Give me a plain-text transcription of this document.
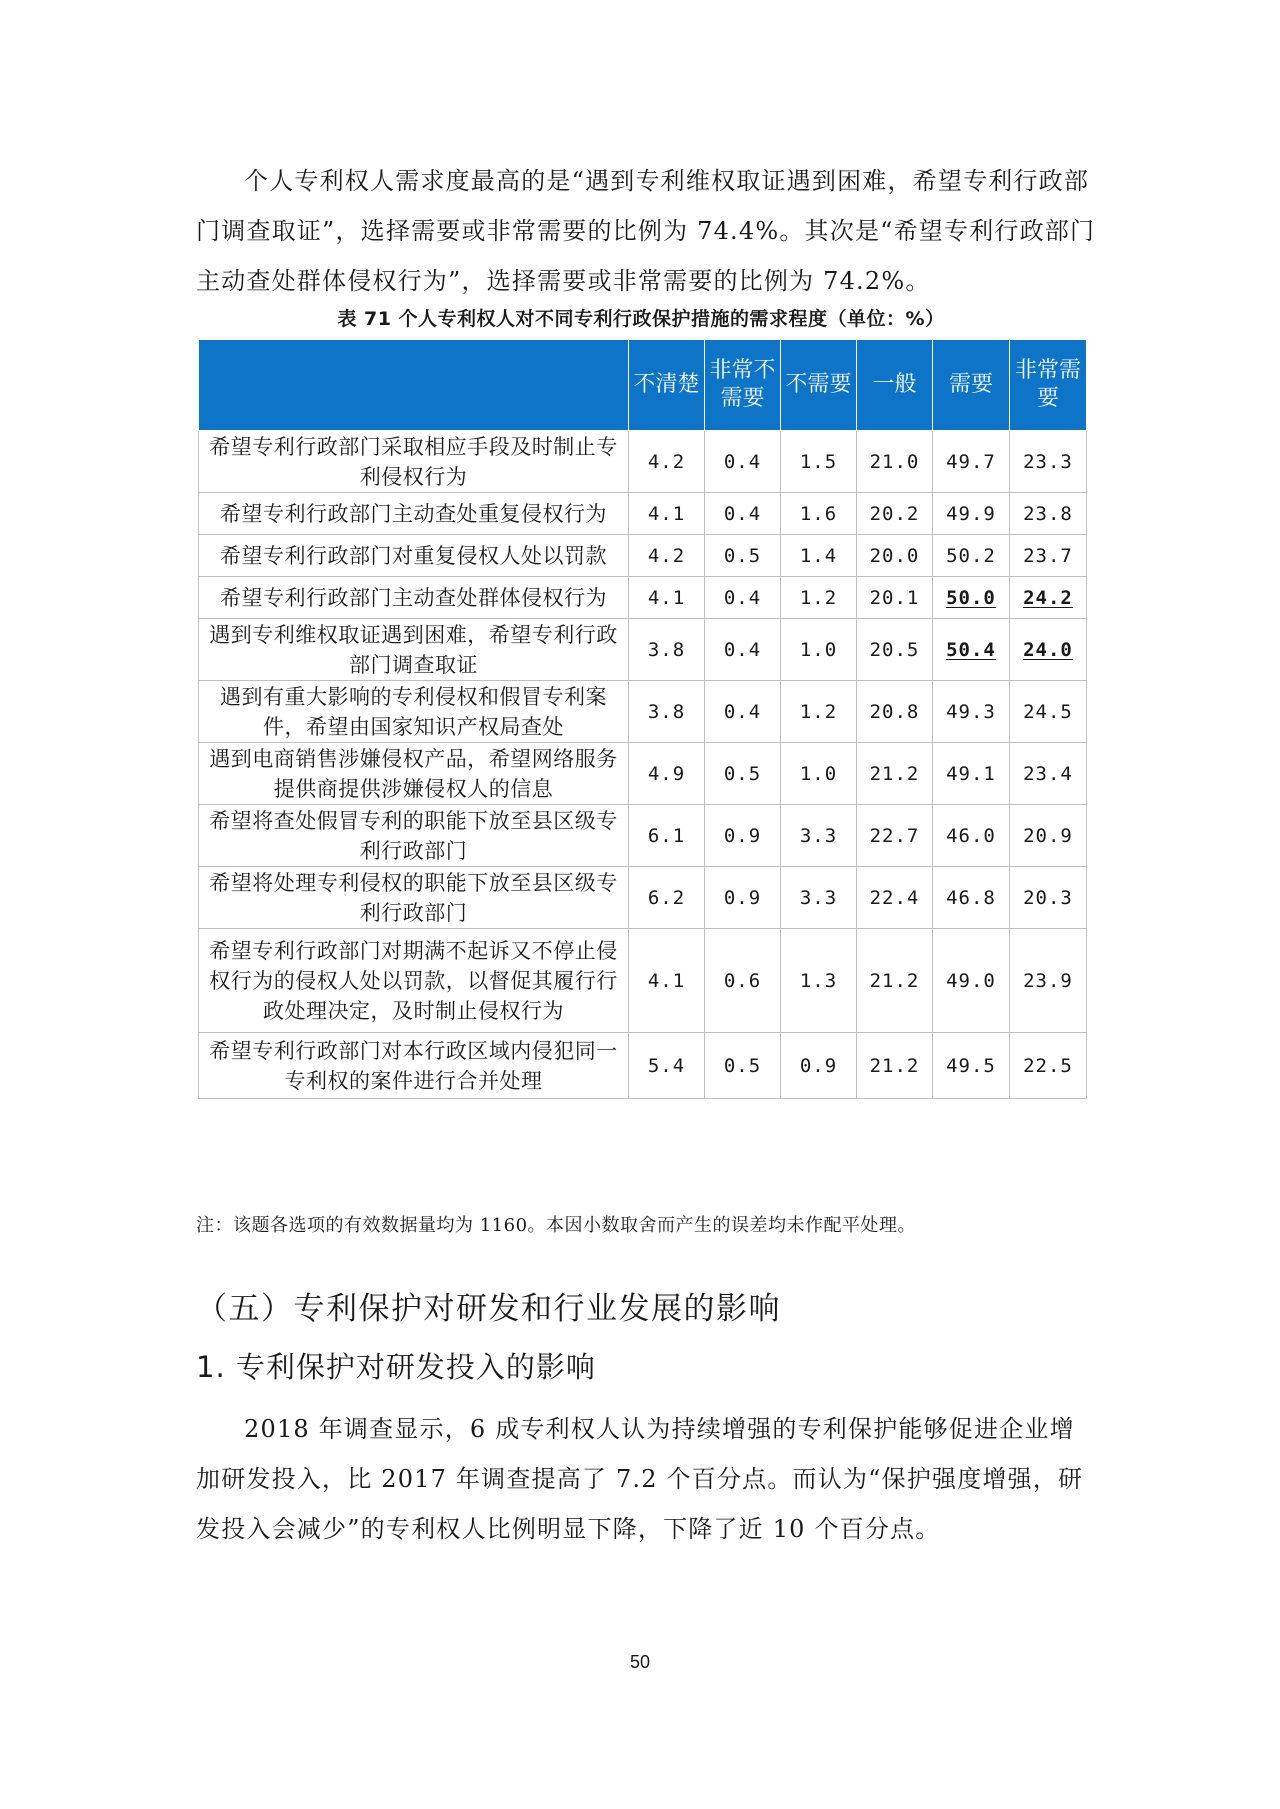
个人专利权人需求度最高的是“遇到专利维权取证遇到困难，希望专利行政部门调查取证”，选择需要或非常需要的比例为 74.4%。其次是“希望专利行政部门主动查处群体侵权行为”，选择需要或非常需要的比例为 74.2%。

表 71 个人专利权人对不同专利行政保护措施的需求程度（单位：%）

	不清楚	非常不需要	不需要	一般	需要	非常需要

希望专利行政部门采取相应手段及时制止专利侵权行为	4.2	0.4	1.5	21.0	49.7	23.3
希望专利行政部门主动查处重复侵权行为	4.1	0.4	1.6	20.2	49.9	23.8
希望专利行政部门对重复侵权人处以罚款	4.2	0.5	1.4	20.0	50.2	23.7
希望专利行政部门主动查处群体侵权行为	4.1	0.4	1.2	20.1	50.0	24.2
遇到专利维权取证遇到困难，希望专利行政部门调查取证	3.8	0.4	1.0	20.5	50.4	24.0
遇到有重大影响的专利侵权和假冒专利案件，希望由国家知识产权局查处	3.8	0.4	1.2	20.8	49.3	24.5
遇到电商销售涉嫌侵权产品，希望网络服务提供商提供涉嫌侵权人的信息	4.9	0.5	1.0	21.2	49.1	23.4
希望将查处假冒专利的职能下放至县区级专利行政部门	6.1	0.9	3.3	22.7	46.0	20.9
希望将处理专利侵权的职能下放至县区级专利行政部门	6.2	0.9	3.3	22.4	46.8	20.3
希望专利行政部门对期满不起诉又不停止侵权行为的侵权人处以罚款，以督促其履行行政处理决定，及时制止侵权行为	4.1	0.6	1.3	21.2	49.0	23.9
希望专利行政部门对本行政区域内侵犯同一专利权的案件进行合并处理	5.4	0.5	0.9	21.2	49.5	22.5
注：该题各选项的有效数据量均为 1160。本因小数取舍而产生的误差均未作配平处理。
（五）专利保护对研发和行业发展的影响
1. 专利保护对研发投入的影响

2018 年调查显示，6 成专利权人认为持续增强的专利保护能够促进企业增加研发投入，比 2017 年调查提高了 7.2 个百分点。而认为“保护强度增强，研发投入会减少”的专利权人比例明显下降，下降了近 10 个百分点。

50
